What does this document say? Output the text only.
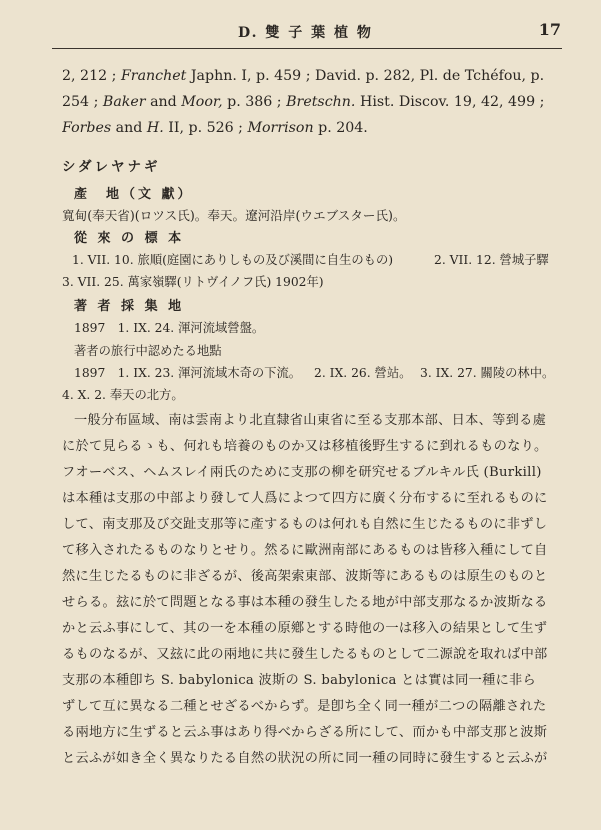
D. 雙 子 葉 植 物	17
2, 212 ; Franchet Japhn. I, p. 459 ; David. p. 282, Pl. de Tchéfou, p.
254 ; Baker and Moor, p. 386 ; Bretschn. Hist. Discov. 19, 42, 499 ;
Forbes and H. II, p. 526 ; Morrison p. 204.
シダレヤナギ
產　地（文 獻）
寬甸(奉天省)(ロツス氏)。奉天。遼河沿岸(ウエブスター氏)。
從 來 の 標 本
1. VII. 10. 旅順(庭園にありしもの及び溪間に自生のもの)	2. VII. 12. 營城子驛
3. VII. 25. 萬家嶺驛(リトヴイノフ氏) 1902年)
著 者 採 集 地
1897　1. IX. 24. 渾河流域營盤。
著者の旅行中認めたる地點
1897　1. IX. 23. 渾河流域木奇の下流。 2. IX. 26. 營站。 3. IX. 27. 關陵の林中。
4. X. 2. 奉天の北方。
一般分布區域、南は雲南より北直隸省山東省に至る支那本部、日本、等到る處
に於て見らるゝも、何れも培養のものか又は移植後野生するに到れるものなり。
フオーベス、ヘムスレイ兩氏のために支那の柳を研究せるブルキル氏 (Burkill)
は本種は支那の中部より發して人爲によつて四方に廣く分布するに至れるものに
して、南支那及び交趾支那等に產するものは何れも自然に生じたるものに非ずし
て移入されたるものなりとせり。然るに歐洲南部にあるものは皆移入種にして自
然に生じたるものに非ざるが、後高架索東部、波斯等にあるものは原生のものと
せらる。玆に於て問題となる事は本種の發生したる地が中部支那なるか波斯なる
かと云ふ事にして、其の一を本種の原鄕とする時他の一は移入の結果として生ず
るものなるが、又玆に此の兩地に共に發生したるものとして二源說を取れば中部
支那の本種卽ち S. babylonica 波斯の S. babylonica とは實は同一種に非ら
ずして互に異なる二種とせざるべからず。是卽ち全く同一種が二つの隔離された
る兩地方に生ずると云ふ事はあり得べからざる所にして、而かも中部支那と波斯
と云ふが如き全く異なりたる自然の狀況の所に同一種の同時に發生すると云ふが
